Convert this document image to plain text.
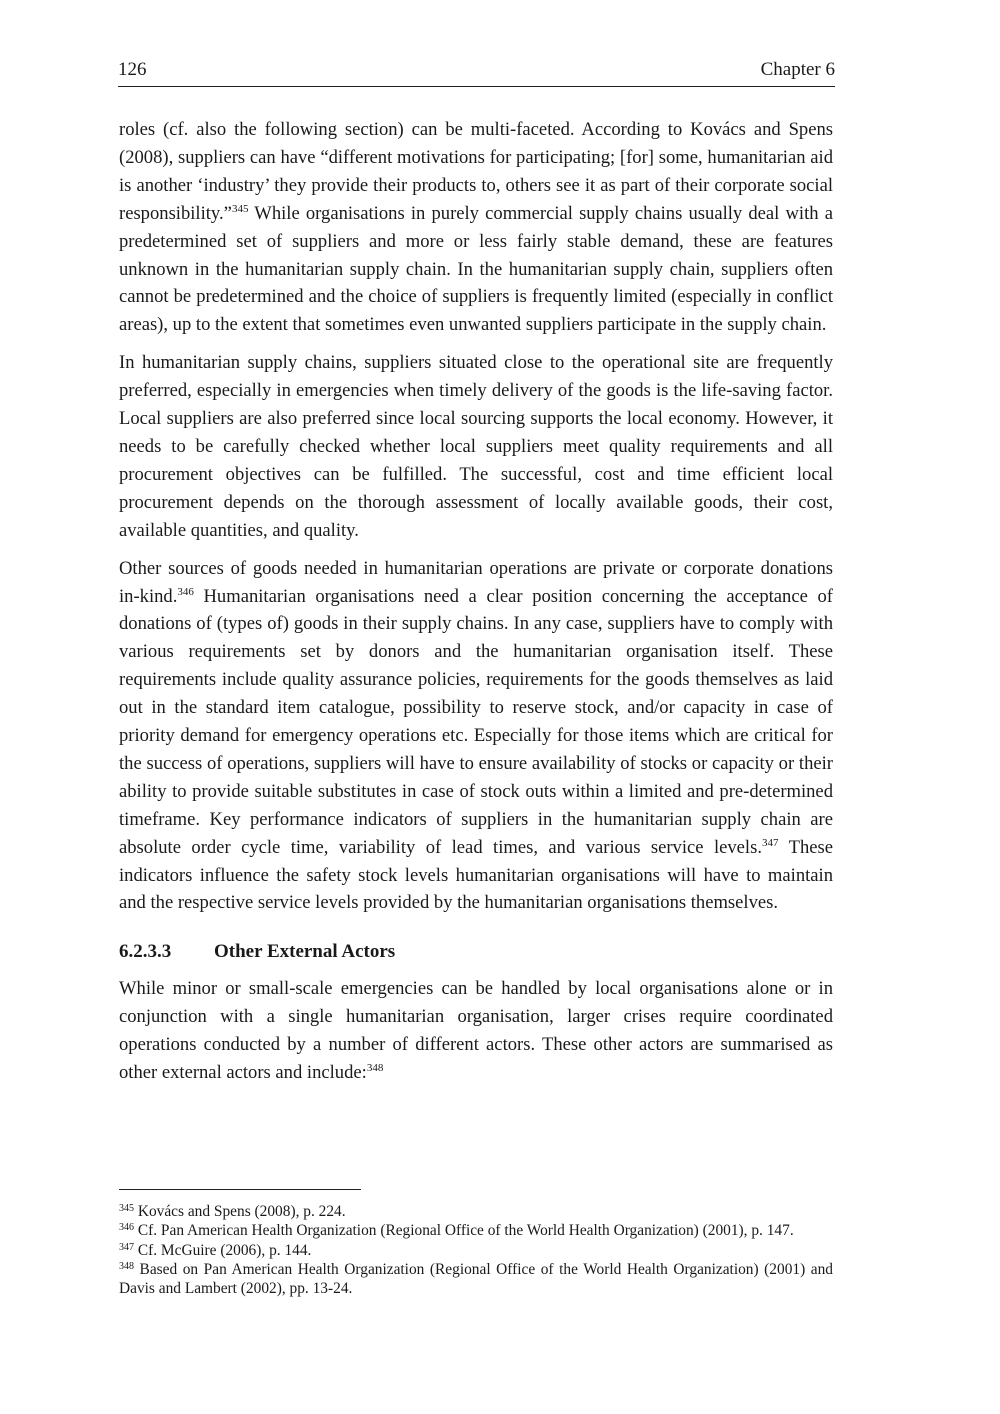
126	Chapter 6

roles (cf. also the following section) can be multi-faceted. According to Kovács and Spens (2008), suppliers can have “different motivations for participating; [for] some, humanitarian aid is another ‘industry’ they provide their products to, others see it as part of their corporate social responsibility.”$^{345}$ While organisations in purely commercial supply chains usually deal with a predetermined set of suppliers and more or less fairly stable demand, these are features unknown in the humanitarian supply chain. In the humanitarian supply chain, suppliers often cannot be predetermined and the choice of suppliers is frequently limited (especially in conflict areas), up to the extent that sometimes even unwanted suppliers participate in the supply chain.

In humanitarian supply chains, suppliers situated close to the operational site are frequently preferred, especially in emergencies when timely delivery of the goods is the life-saving factor. Local suppliers are also preferred since local sourcing supports the local economy. However, it needs to be carefully checked whether local suppliers meet quality requirements and all procurement objectives can be fulfilled. The successful, cost and time efficient local procurement depends on the thorough assessment of locally available goods, their cost, available quantities, and quality.

Other sources of goods needed in humanitarian operations are private or corporate donations in-kind.$^{346}$ Humanitarian organisations need a clear position concerning the acceptance of donations of (types of) goods in their supply chains. In any case, suppliers have to comply with various requirements set by donors and the humanitarian organisation itself. These requirements include quality assurance policies, requirements for the goods themselves as laid out in the standard item catalogue, possibility to reserve stock, and/or capacity in case of priority demand for emergency operations etc. Especially for those items which are critical for the success of operations, suppliers will have to ensure availability of stocks or capacity or their ability to provide suitable substitutes in case of stock outs within a limited and pre-determined timeframe. Key performance indicators of suppliers in the humanitarian supply chain are absolute order cycle time, variability of lead times, and various service levels.$^{347}$ These indicators influence the safety stock levels humanitarian organisations will have to maintain and the respective service levels provided by the humanitarian organisations themselves.

6.2.3.3	Other External Actors

While minor or small-scale emergencies can be handled by local organisations alone or in conjunction with a single humanitarian organisation, larger crises require coordinated operations conducted by a number of different actors. These other actors are summarised as other external actors and include:$^{348}$

$^{345}$ Kovács and Spens (2008), p. 224.
$^{346}$ Cf. Pan American Health Organization (Regional Office of the World Health Organization) (2001), p. 147.
$^{347}$ Cf. McGuire (2006), p. 144.
$^{348}$ Based on Pan American Health Organization (Regional Office of the World Health Organization) (2001) and Davis and Lambert (2002), pp. 13-24.
